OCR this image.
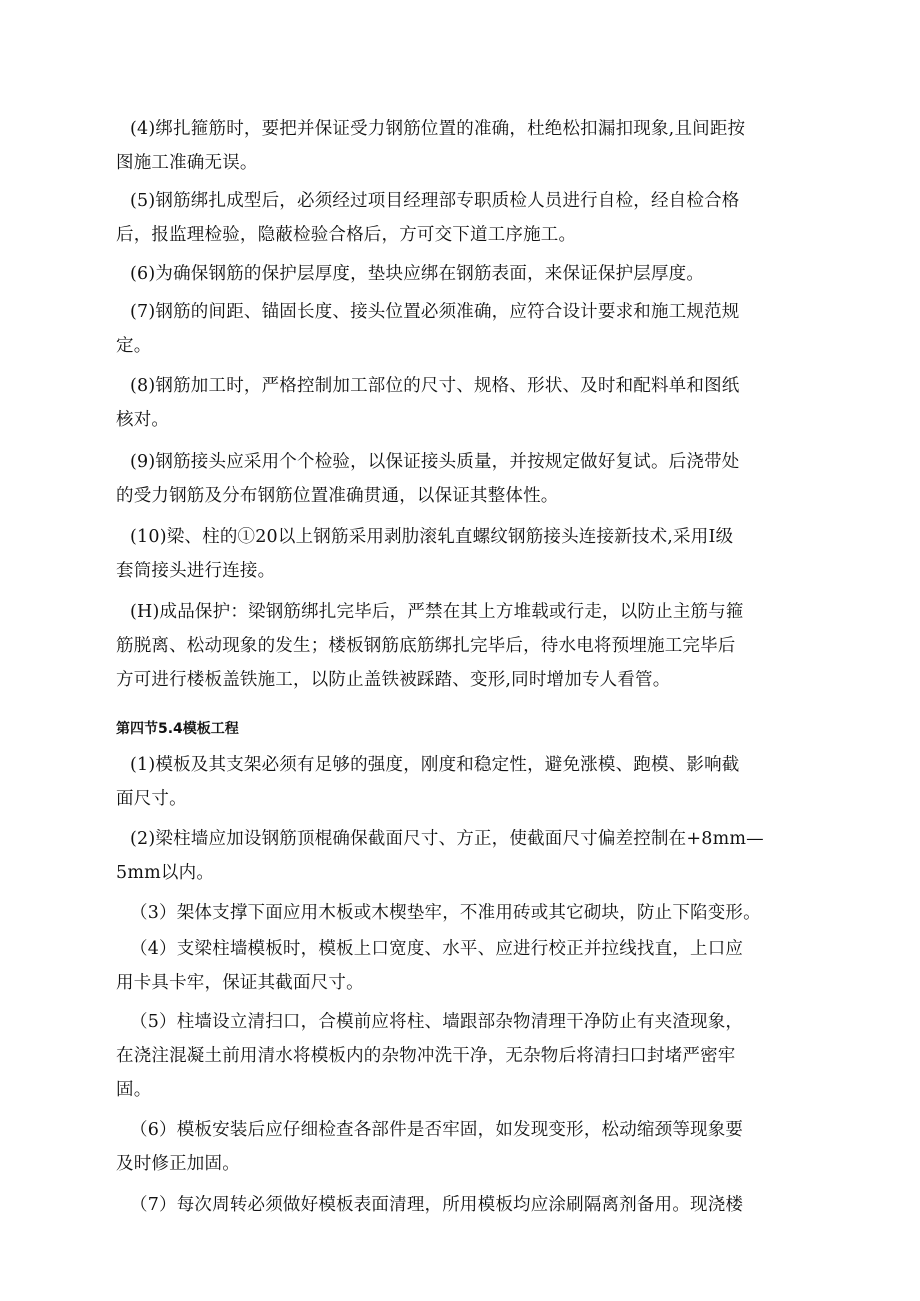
(4)绑扎箍筋时，要把并保证受力钢筋位置的准确，杜绝松扣漏扣现象,且间距按
图施工准确无误。
(5)钢筋绑扎成型后，必须经过项目经理部专职质检人员进行自检，经自检合格
后，报监理检验，隐蔽检验合格后，方可交下道工序施工。
(6)为确保钢筋的保护层厚度，垫块应绑在钢筋表面，来保证保护层厚度。
(7)钢筋的间距、锚固长度、接头位置必须准确，应符合设计要求和施工规范规
定。
(8)钢筋加工时，严格控制加工部位的尺寸、规格、形状、及时和配料单和图纸
核对。
(9)钢筋接头应采用个个检验，以保证接头质量，并按规定做好复试。后浇带处
的受力钢筋及分布钢筋位置准确贯通，以保证其整体性。
(10)梁、柱的①20以上钢筋采用剥肋滚轧直螺纹钢筋接头连接新技术,采用I级
套筒接头进行连接。
(H)成品保护：梁钢筋绑扎完毕后，严禁在其上方堆载或行走，以防止主筋与箍
筋脱离、松动现象的发生；楼板钢筋底筋绑扎完毕后，待水电将预埋施工完毕后
方可进行楼板盖铁施工，以防止盖铁被踩踏、变形,同时增加专人看管。
第四节5.4模板工程
(1)模板及其支架必须有足够的强度，刚度和稳定性，避免涨模、跑模、影响截
面尺寸。
(2)梁柱墙应加设钢筋顶棍确保截面尺寸、方正，使截面尺寸偏差控制在+8mm—
5mm以内。
（3）架体支撑下面应用木板或木楔垫牢，不准用砖或其它砌块，防止下陷变形。
（4）支梁柱墙模板时，模板上口宽度、水平、应进行校正并拉线找直，上口应
用卡具卡牢，保证其截面尺寸。
（5）柱墙设立清扫口，合模前应将柱、墙跟部杂物清理干净防止有夹渣现象，
在浇注混凝土前用清水将模板内的杂物冲洗干净，无杂物后将清扫口封堵严密牢
固。
（6）模板安装后应仔细检查各部件是否牢固，如发现变形，松动缩颈等现象要
及时修正加固。
（7）每次周转必须做好模板表面清理，所用模板均应涂刷隔离剂备用。现浇楼
